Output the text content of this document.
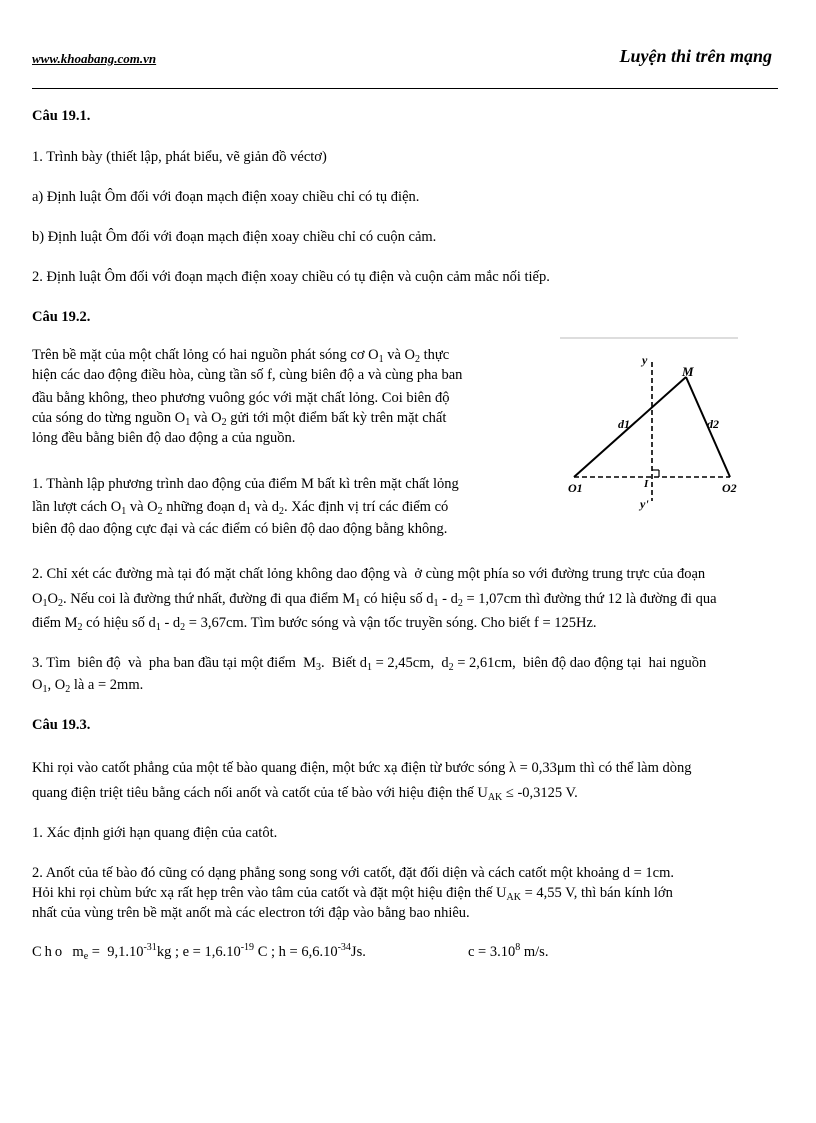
www.khoabang.com.vn	Luyện thi trên mạng
Câu 19.1.
1. Trình bày (thiết lập, phát biểu, vẽ giản đồ véctơ)
a) Định luật Ôm đối với đoạn mạch điện xoay chiều chỉ có tụ điện.
b) Định luật Ôm đối với đoạn mạch điện xoay chiều chỉ có cuộn cảm.
2. Định luật Ôm đối với đoạn mạch điện xoay chiều có tụ điện và cuộn cảm mắc nối tiếp.
Câu 19.2.
Trên bề mặt của một chất lỏng có hai nguồn phát sóng cơ $O_1$ và $O_2$ thực
hiện các dao động điều hòa, cùng tần số f, cùng biên độ a và cùng pha ban
đầu bằng không, theo phương vuông góc với mặt chất lỏng. Coi biên độ
của sóng do từng nguồn $O_1$ và $O_2$ gửi tới một điểm bất kỳ trên mặt chất
lỏng đều bằng biên độ dao động a của nguồn.
1. Thành lập phương trình dao động của điểm M bất kì trên mặt chất lỏng
lần lượt cách $O_1$ và $O_2$ những đoạn $d_1$ và $d_2$. Xác định vị trí các điểm có
biên độ dao động cực đại và các điểm có biên độ dao động bằng không.
2. Chỉ xét các đường mà tại đó mặt chất lỏng không dao động và  ở cùng một phía so với đường trung trực của đoạn
$O_1O_2$. Nếu coi là đường thứ nhất, đường đi qua điểm $M_1$ có hiệu số $d_1 - d_2 = 1,07cm$ thì đường thứ 12 là đường đi qua
điểm $M_2$ có hiệu số $d_1 - d_2 = 3,67cm$. Tìm bước sóng và vận tốc truyền sóng. Cho biết f = 125Hz.
3. Tìm  biên độ  và  pha ban đầu tại một điểm  $M_3$.  Biết $d_1 = 2,45cm$,  $d_2 = 2,61cm$,  biên độ dao động tại  hai nguồn
$O_1$, $O_2$ là a = 2mm.
y
M
d1	d2
O1	I	O2
y'
Câu 19.3.
Khi rọi vào catốt phẳng của một tế bào quang điện, một bức xạ điện từ bước sóng λ = 0,33μm thì có thể làm dòng
quang điện triệt tiêu bằng cách nối anốt và catốt của tế bào với hiệu điện thế $U_{AK} \le -0,3125$ V.
1. Xác định giới hạn quang điện của catôt.
2. Anốt của tế bào đó cũng có dạng phẳng song song với catốt, đặt đối diện và cách catốt một khoảng d = 1cm.
Hỏi khi rọi chùm bức xạ rất hẹp trên vào tâm của catốt và đặt một hiệu điện thế $U_{AK} = 4,55$ V, thì bán kính lớn
nhất của vùng trên bề mặt anốt mà các electron tới đập vào bằng bao nhiêu.
Cho  $m_e = 9,1.10^{-31}kg$ ; $e = 1,6.10^{-19}$ C ; $h = 6,6.10^{-34}Js$.	$c = 3.10^8$ m/s.
